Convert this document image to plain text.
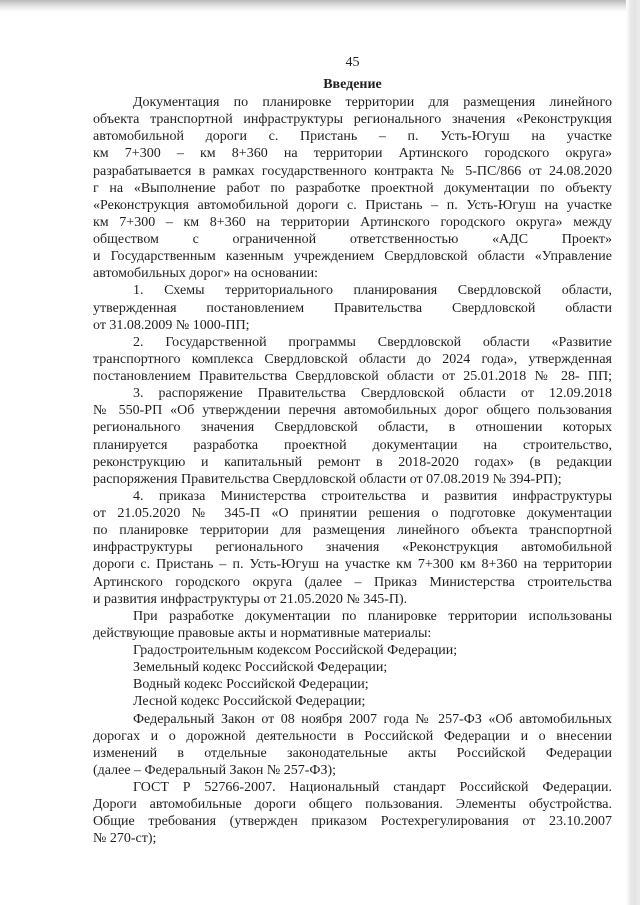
45
Введение
Документация по планировке территории для размещения линейного
объекта транспортной инфраструктуры регионального значения «Реконструкция
автомобильной дороги с. Пристань – п. Усть-Югуш на участке
км 7+300 – км 8+360 на территории Артинского городского округа»
разрабатывается в рамках государственного контракта № 5-ПС/866 от 24.08.2020
г на «Выполнение работ по разработке проектной документации по объекту
«Реконструкция автомобильной дороги с. Пристань – п. Усть-Югуш на участке
км 7+300 – км 8+360 на территории Артинского городского округа» между
обществом с ограниченной ответственностью «АДС Проект»
и Государственным казенным учреждением Свердловской области «Управление
автомобильных дорог» на основании:
1. Схемы территориального планирования Свердловской области,
утвержденная постановлением Правительства Свердловской области
от 31.08.2009 № 1000-ПП;
2. Государственной программы Свердловской области «Развитие
транспортного комплекса Свердловской области до 2024 года», утвержденная
постановлением Правительства Свердловской области от 25.01.2018 № 28- ПП;
3. распоряжение Правительства Свердловской области от 12.09.2018
№ 550-РП «Об утверждении перечня автомобильных дорог общего пользования
регионального значения Свердловской области, в отношении которых
планируется разработка проектной документации на строительство,
реконструкцию и капитальный ремонт в 2018-2020 годах» (в редакции
распоряжения Правительства Свердловской области от 07.08.2019 № 394-РП);
4. приказа Министерства строительства и развития инфраструктуры
от 21.05.2020 № 345-П «О принятии решения о подготовке документации
по планировке территории для размещения линейного объекта транспортной
инфраструктуры регионального значения «Реконструкция автомобильной
дороги с. Пристань – п. Усть-Югуш на участке км 7+300 км 8+360 на территории
Артинского городского округа (далее – Приказ Министерства строительства
и развития инфраструктуры от 21.05.2020 № 345-П).
При разработке документации по планировке территории использованы
действующие правовые акты и нормативные материалы:
Градостроительным кодексом Российской Федерации;
Земельный кодекс Российской Федерации;
Водный кодекс Российской Федерации;
Лесной кодекс Российской Федерации;
Федеральный Закон от 08 ноября 2007 года № 257-ФЗ «Об автомобильных
дорогах и о дорожной деятельности в Российской Федерации и о внесении
изменений в отдельные законодательные акты Российской Федерации
(далее – Федеральный Закон № 257-ФЗ);
ГОСТ Р 52766-2007. Национальный стандарт Российской Федерации.
Дороги автомобильные дороги общего пользования. Элементы обустройства.
Общие требования (утвержден приказом Ростехрегулирования от 23.10.2007
№ 270-ст);
